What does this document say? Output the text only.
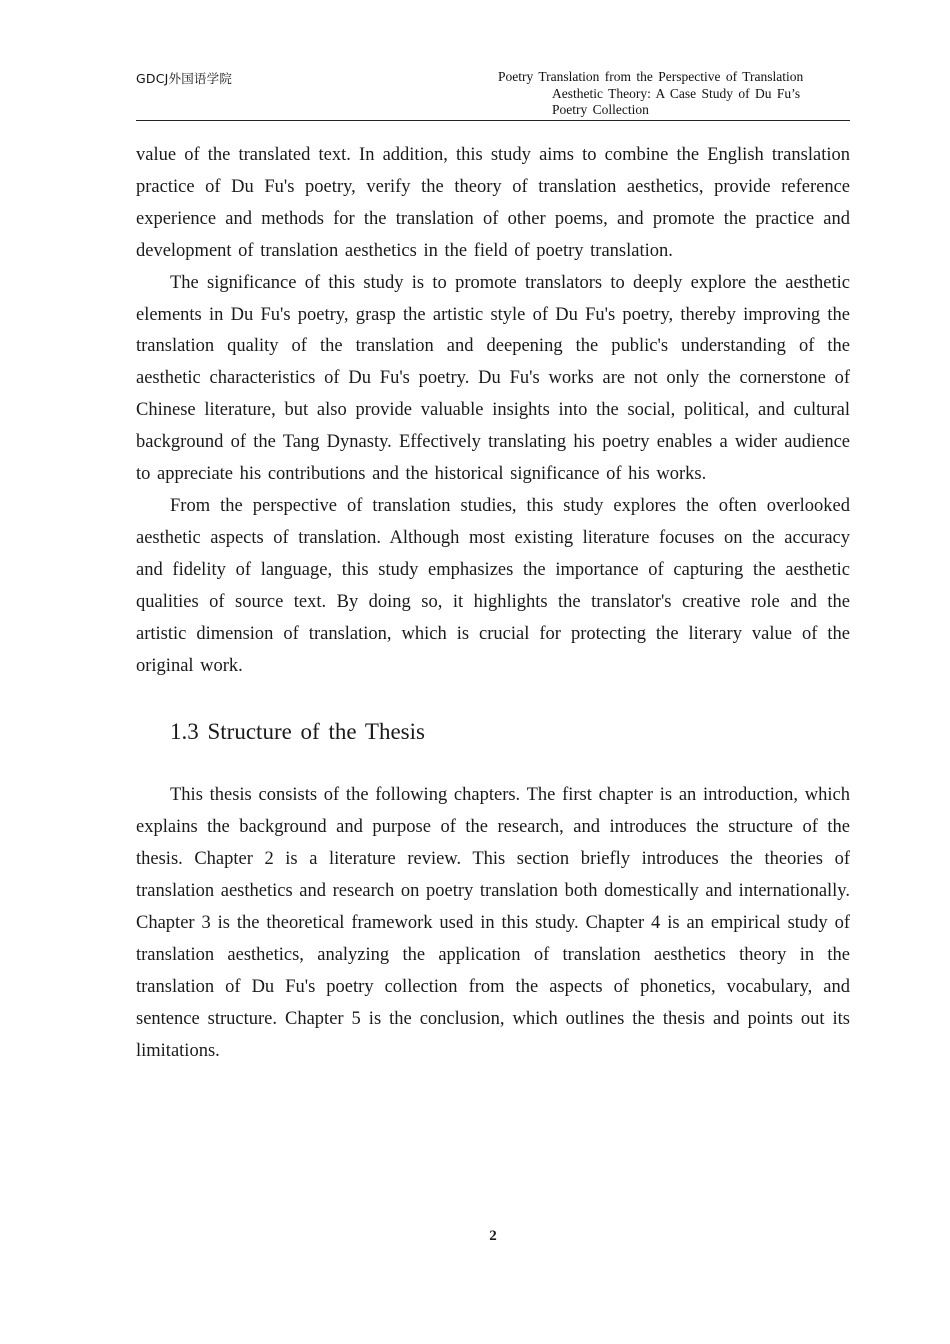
GDCJ外国语学院	Poetry Translation from the Perspective of Translation
Aesthetic Theory: A Case Study of Du Fu’s
Poetry Collection

value of the translated text. In addition, this study aims to combine the English translation practice of Du Fu's poetry, verify the theory of translation aesthetics, provide reference experience and methods for the translation of other poems, and promote the practice and development of translation aesthetics in the field of poetry translation.

The significance of this study is to promote translators to deeply explore the aesthetic elements in Du Fu's poetry, grasp the artistic style of Du Fu's poetry, thereby improving the translation quality of the translation and deepening the public's understanding of the aesthetic characteristics of Du Fu's poetry. Du Fu's works are not only the cornerstone of Chinese literature, but also provide valuable insights into the social, political, and cultural background of the Tang Dynasty. Effectively translating his poetry enables a wider audience to appreciate his contributions and the historical significance of his works.

From the perspective of translation studies, this study explores the often overlooked aesthetic aspects of translation. Although most existing literature focuses on the accuracy and fidelity of language, this study emphasizes the importance of capturing the aesthetic qualities of source text. By doing so, it highlights the translator's creative role and the artistic dimension of translation, which is crucial for protecting the literary value of the original work.

1.3 Structure of the Thesis

This thesis consists of the following chapters. The first chapter is an introduction, which explains the background and purpose of the research, and introduces the structure of the thesis. Chapter 2 is a literature review. This section briefly introduces the theories of translation aesthetics and research on poetry translation both domestically and internationally. Chapter 3 is the theoretical framework used in this study. Chapter 4 is an empirical study of translation aesthetics, analyzing the application of translation aesthetics theory in the translation of Du Fu's poetry collection from the aspects of phonetics, vocabulary, and sentence structure. Chapter 5 is the conclusion, which outlines the thesis and points out its limitations.

2
